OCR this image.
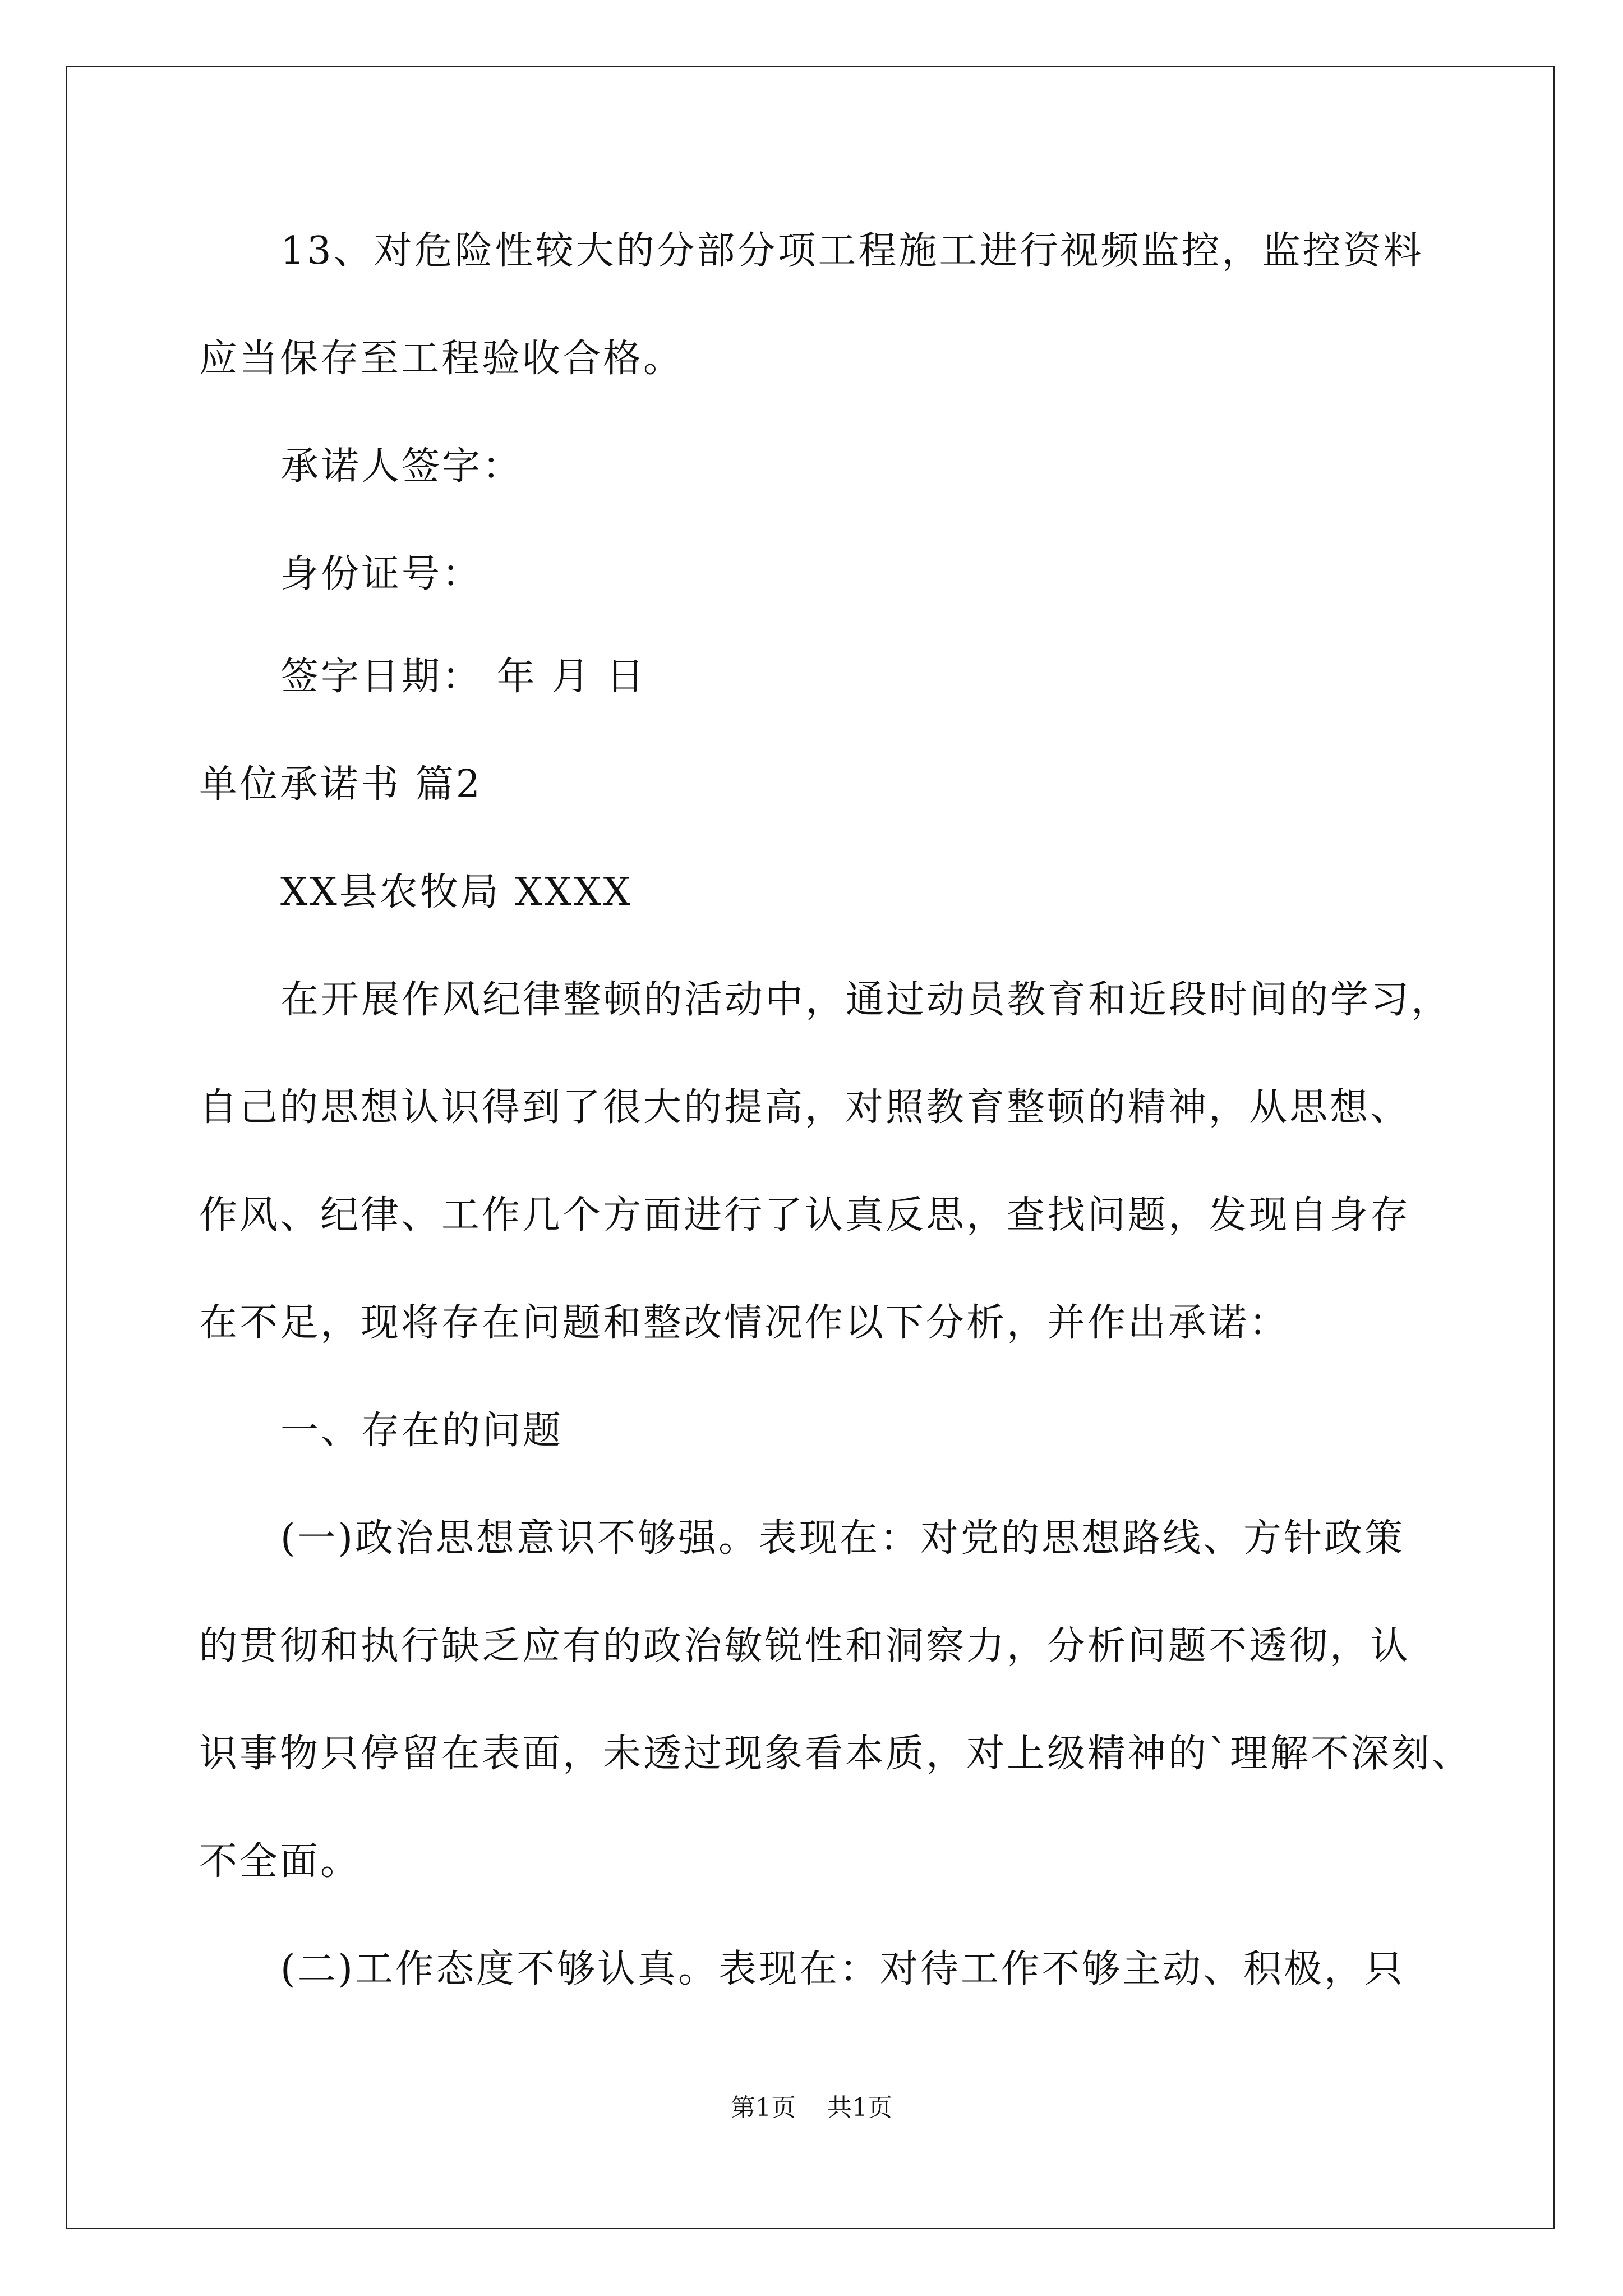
13、对危险性较大的分部分项工程施工进行视频监控，监控资料
应当保存至工程验收合格。
承诺人签字：
身份证号：
签字日期： 年 月 日
单位承诺书 篇2
XX县农牧局 XXXX
在开展作风纪律整顿的活动中，通过动员教育和近段时间的学习，
自己的思想认识得到了很大的提高，对照教育整顿的精神，从思想、
作风、纪律、工作几个方面进行了认真反思，查找问题，发现自身存
在不足，现将存在问题和整改情况作以下分析，并作出承诺：
一、存在的问题
(一)政治思想意识不够强。表现在：对党的思想路线、方针政策
的贯彻和执行缺乏应有的政治敏锐性和洞察力，分析问题不透彻，认
识事物只停留在表面，未透过现象看本质，对上级精神的`理解不深刻、
不全面。
(二)工作态度不够认真。表现在：对待工作不够主动、积极，只
第1页    共1页
